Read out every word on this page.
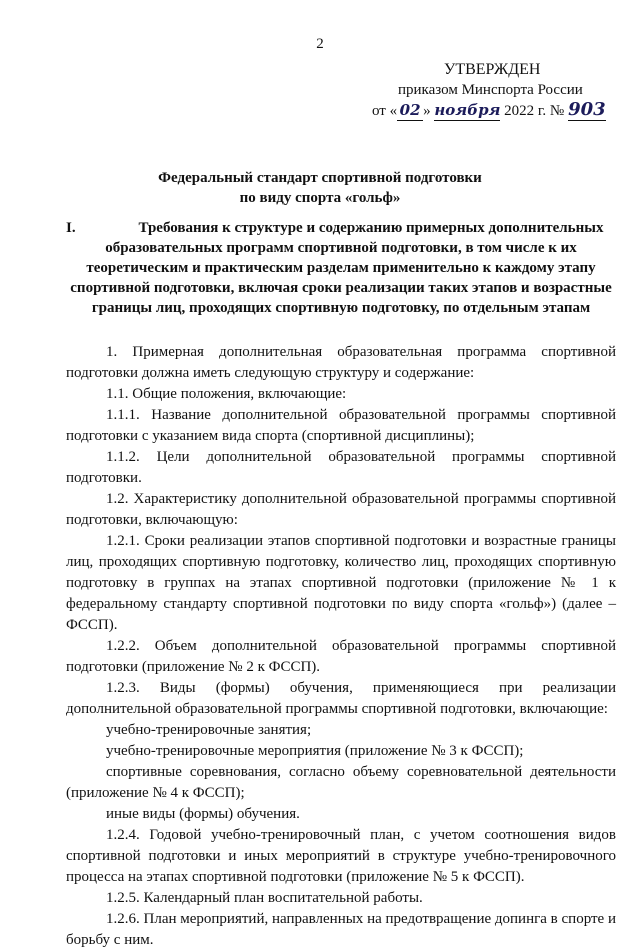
2
УТВЕРЖДЕН
приказом Минспорта России
от « 02 » ноября 2022 г. № 903
Федеральный стандарт спортивной подготовки
по виду спорта «гольф»
I.	Требования к структуре и содержанию примерных дополнительных образовательных программ спортивной подготовки, в том числе к их теоретическим и практическим разделам применительно к каждому этапу спортивной подготовки, включая сроки реализации таких этапов и возрастные границы лиц, проходящих спортивную подготовку, по отдельным этапам

1. Примерная дополнительная образовательная программа спортивной подготовки должна иметь следующую структуру и содержание:

1.1. Общие положения, включающие:

1.1.1. Название дополнительной образовательной программы спортивной подготовки с указанием вида спорта (спортивной дисциплины);

1.1.2. Цели дополнительной образовательной программы спортивной подготовки.

1.2. Характеристику дополнительной образовательной программы спортивной подготовки, включающую:

1.2.1. Сроки реализации этапов спортивной подготовки и возрастные границы лиц, проходящих спортивную подготовку, количество лиц, проходящих спортивную подготовку в группах на этапах спортивной подготовки (приложение № 1 к федеральному стандарту спортивной подготовки по виду спорта «гольф») (далее – ФССП).

1.2.2. Объем дополнительной образовательной программы спортивной подготовки (приложение № 2 к ФССП).

1.2.3. Виды (формы) обучения, применяющиеся при реализации дополнительной образовательной программы спортивной подготовки, включающие:

учебно-тренировочные занятия;

учебно-тренировочные мероприятия (приложение № 3 к ФССП);

спортивные соревнования, согласно объему соревновательной деятельности (приложение № 4 к ФССП);

иные виды (формы) обучения.

1.2.4. Годовой учебно-тренировочный план, с учетом соотношения видов спортивной подготовки и иных мероприятий в структуре учебно-тренировочного процесса на этапах спортивной подготовки (приложение № 5 к ФССП).

1.2.5. Календарный план воспитательной работы.

1.2.6. План мероприятий, направленных на предотвращение допинга в спорте и борьбу с ним.
